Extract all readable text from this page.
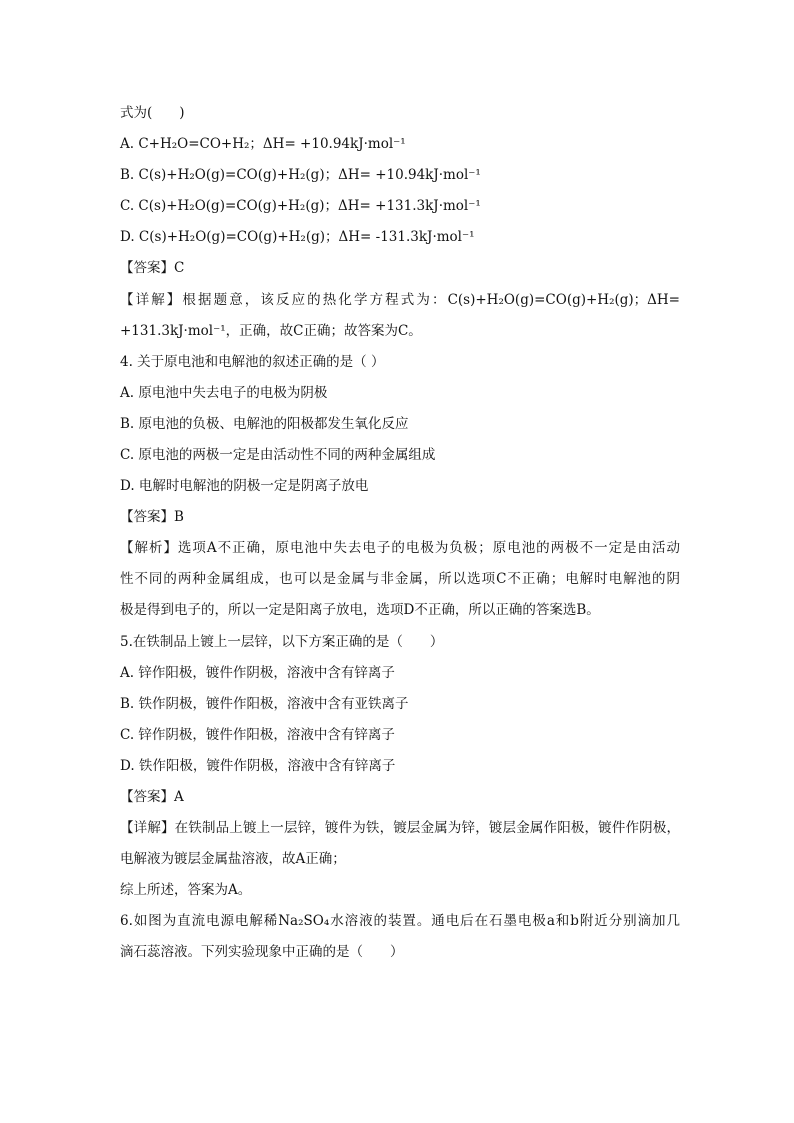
式为(　　)
A. C+H₂O=CO+H₂；ΔH= +10.94kJ·mol⁻¹
B. C(s)+H₂O(g)=CO(g)+H₂(g)；ΔH= +10.94kJ·mol⁻¹
C. C(s)+H₂O(g)=CO(g)+H₂(g)；ΔH= +131.3kJ·mol⁻¹
D. C(s)+H₂O(g)=CO(g)+H₂(g)；ΔH= -131.3kJ·mol⁻¹
【答案】C
【详解】根据题意，该反应的热化学方程式为：C(s)+H₂O(g)=CO(g)+H₂(g)；ΔH=
+131.3kJ·mol⁻¹，正确，故C正确；故答案为C。
4. 关于原电池和电解池的叙述正确的是（ ）
A. 原电池中失去电子的电极为阴极
B. 原电池的负极、电解池的阳极都发生氧化反应
C. 原电池的两极一定是由活动性不同的两种金属组成
D. 电解时电解池的阴极一定是阴离子放电
【答案】B
【解析】选项A不正确，原电池中失去电子的电极为负极；原电池的两极不一定是由活动
性不同的两种金属组成，也可以是金属与非金属，所以选项C不正确；电解时电解池的阴
极是得到电子的，所以一定是阳离子放电，选项D不正确，所以正确的答案选B。
5.在铁制品上镀上一层锌，以下方案正确的是（　　）
A. 锌作阳极，镀件作阴极，溶液中含有锌离子
B. 铁作阴极，镀件作阳极，溶液中含有亚铁离子
C. 锌作阴极，镀件作阳极，溶液中含有锌离子
D. 铁作阳极，镀件作阴极，溶液中含有锌离子
【答案】A
【详解】在铁制品上镀上一层锌，镀件为铁，镀层金属为锌，镀层金属作阳极，镀件作阴极，
电解液为镀层金属盐溶液，故A正确；
综上所述，答案为A。
6.如图为直流电源电解稀Na₂SO₄水溶液的装置。通电后在石墨电极a和b附近分别滴加几
滴石蕊溶液。下列实验现象中正确的是（　　）
